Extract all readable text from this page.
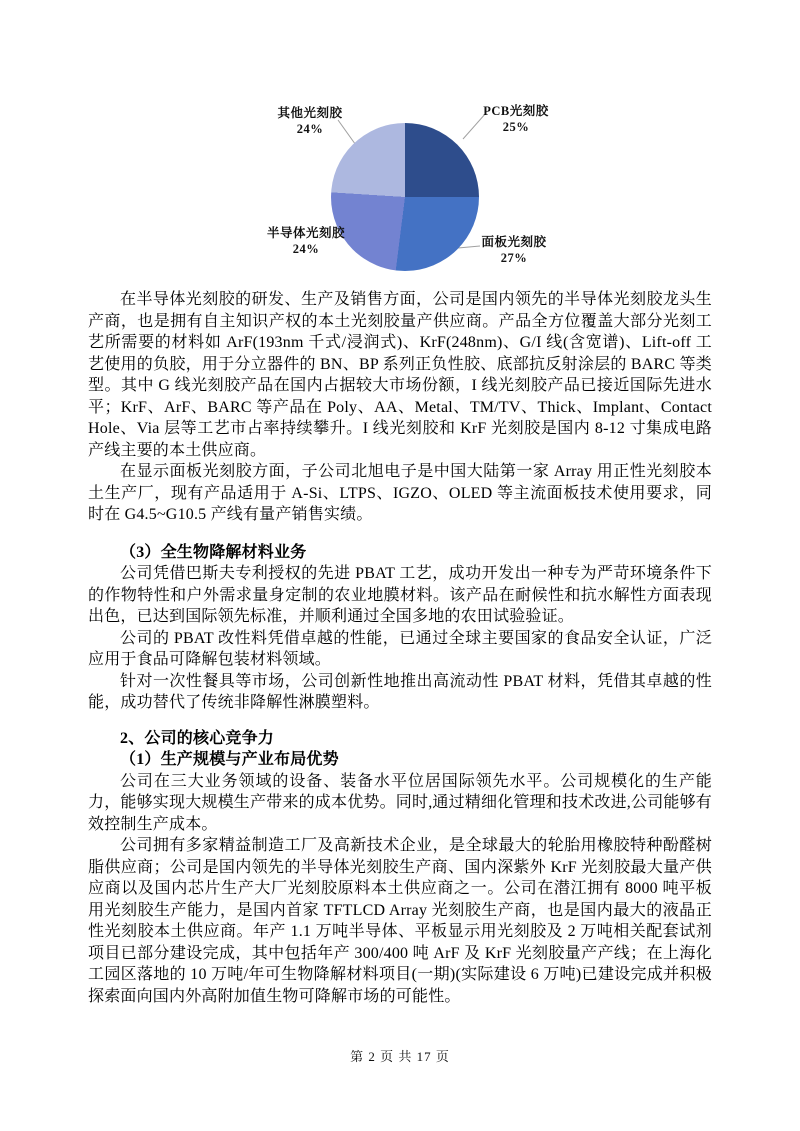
PCB光刻胶
25%
面板光刻胶
27%
半导体光刻胶
24%
其他光刻胶
24%

在半导体光刻胶的研发、生产及销售方面，公司是国内领先的半导体光刻胶龙头生产商，也是拥有自主知识产权的本土光刻胶量产供应商。产品全方位覆盖大部分光刻工艺所需要的材料如 ArF(193nm 千式/浸润式)、KrF(248nm)、G/I 线(含宽谱)、Lift-off 工艺使用的负胶，用于分立器件的 BN、BP 系列正负性胶、底部抗反射涂层的 BARC 等类型。其中 G 线光刻胶产品在国内占据较大市场份额，I 线光刻胶产品已接近国际先进水平；KrF、ArF、BARC 等产品在 Poly、AA、Metal、TM/TV、Thick、Implant、Contact Hole、Via 层等工艺市占率持续攀升。I 线光刻胶和 KrF 光刻胶是国内 8-12 寸集成电路产线主要的本土供应商。

在显示面板光刻胶方面，子公司北旭电子是中国大陆第一家 Array 用正性光刻胶本土生产厂，现有产品适用于 A-Si、LTPS、IGZO、OLED 等主流面板技术使用要求，同时在 G4.5~G10.5 产线有量产销售实绩。

（3）全生物降解材料业务

公司凭借巴斯夫专利授权的先进 PBAT 工艺，成功开发出一种专为严苛环境条件下的作物特性和户外需求量身定制的农业地膜材料。该产品在耐候性和抗水解性方面表现出色，已达到国际领先标准，并顺利通过全国多地的农田试验验证。

公司的 PBAT 改性料凭借卓越的性能，已通过全球主要国家的食品安全认证，广泛应用于食品可降解包装材料领域。

针对一次性餐具等市场，公司创新性地推出高流动性 PBAT 材料，凭借其卓越的性能，成功替代了传统非降解性淋膜塑料。

2、公司的核心竞争力

（1）生产规模与产业布局优势

公司在三大业务领域的设备、装备水平位居国际领先水平。公司规模化的生产能力，能够实现大规模生产带来的成本优势。同时,通过精细化管理和技术改进,公司能够有效控制生产成本。

公司拥有多家精益制造工厂及高新技术企业，是全球最大的轮胎用橡胶特种酚醛树脂供应商；公司是国内领先的半导体光刻胶生产商、国内深紫外 KrF 光刻胶最大量产供应商以及国内芯片生产大厂光刻胶原料本土供应商之一。公司在潜江拥有 8000 吨平板用光刻胶生产能力，是国内首家 TFTLCD Array 光刻胶生产商，也是国内最大的液晶正性光刻胶本土供应商。年产 1.1 万吨半导体、平板显示用光刻胶及 2 万吨相关配套试剂项目已部分建设完成，其中包括年产 300/400 吨 ArF 及 KrF 光刻胶量产产线；在上海化工园区落地的 10 万吨/年可生物降解材料项目(一期)(实际建设 6 万吨)已建设完成并积极探索面向国内外高附加值生物可降解市场的可能性。

第 2 页 共 17 页
